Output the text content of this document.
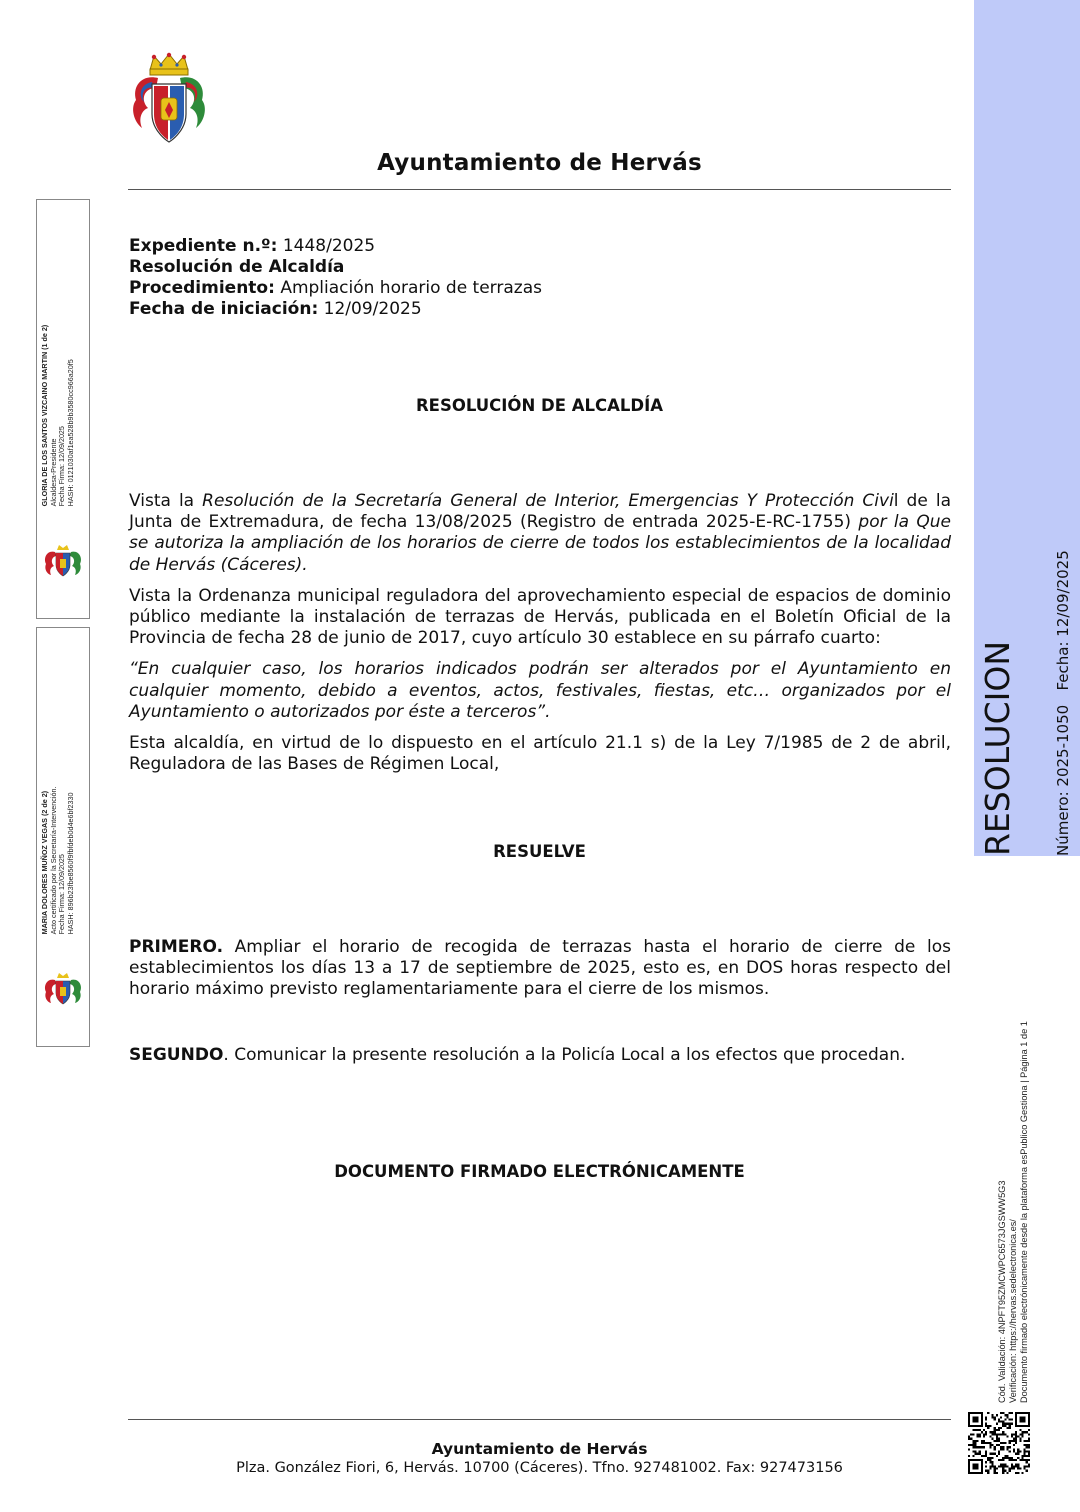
Ayuntamiento de Hervás
Expediente n.º: 1448/2025
Resolución de Alcaldía
Procedimiento: Ampliación horario de terrazas
Fecha de iniciación: 12/09/2025
RESOLUCIÓN DE ALCALDÍA

Vista la Resolución de la Secretaría General de Interior, Emergencias Y Protección Civil de la Junta de Extremadura, de fecha 13/08/2025 (Registro de entrada 2025-E-RC-1755) por la Que se autoriza la ampliación de los horarios de cierre de todos los establecimientos de la localidad de Hervás (Cáceres).

Vista la Ordenanza municipal reguladora del aprovechamiento especial de espacios de dominio público mediante la instalación de terrazas de Hervás, publicada en el Boletín Oficial de la Provincia de fecha 28 de junio de 2017, cuyo artículo 30 establece en su párrafo cuarto:

“En cualquier caso, los horarios indicados podrán ser alterados por el Ayuntamiento en cualquier momento, debido a eventos, actos, festivales, fiestas, etc… organizados por el Ayuntamiento o autorizados por éste a terceros”.

Esta alcaldía, en virtud de lo dispuesto en el artículo 21.1 s) de la Ley 7/1985 de 2 de abril, Reguladora de las Bases de Régimen Local,

RESUELVE

PRIMERO. Ampliar el horario de recogida de terrazas hasta el horario de cierre de los establecimientos los días 13 a 17 de septiembre de 2025, esto es, en DOS horas respecto del horario máximo previsto reglamentariamente para el cierre de los mismos.

SEGUNDO. Comunicar la presente resolución a la Policía Local a los efectos que procedan.

DOCUMENTO FIRMADO ELECTRÓNICAMENTE
GLORIA DE LOS SANTOS VIZCAINO MARTIN (1 de 2) Alcaldesa-Presidente Fecha Firma: 12/09/2025 HASH: 0121030af1ea528b9b3580cc966a20f5
MARIA DOLORES MUÑOZ VEGAS (2 de 2) Acto certificado por la Secretaría-Intervención. Fecha Firma: 12/09/2025 HASH: 896b23fbe8560f9fbfdeb0d4e6bf2330
RESOLUCION Número: 2025-1050   Fecha: 12/09/2025
Cód. Validación: 4NPFT95ZMCWPC6573JGSWW5G3 Verificación: https://hervas.sedelectronica.es/ Documento firmado electrónicamente desde la plataforma esPublico Gestiona | Página 1 de 1
Ayuntamiento de Hervás
Plza. González Fiori, 6, Hervás. 10700 (Cáceres). Tfno. 927481002. Fax: 927473156
